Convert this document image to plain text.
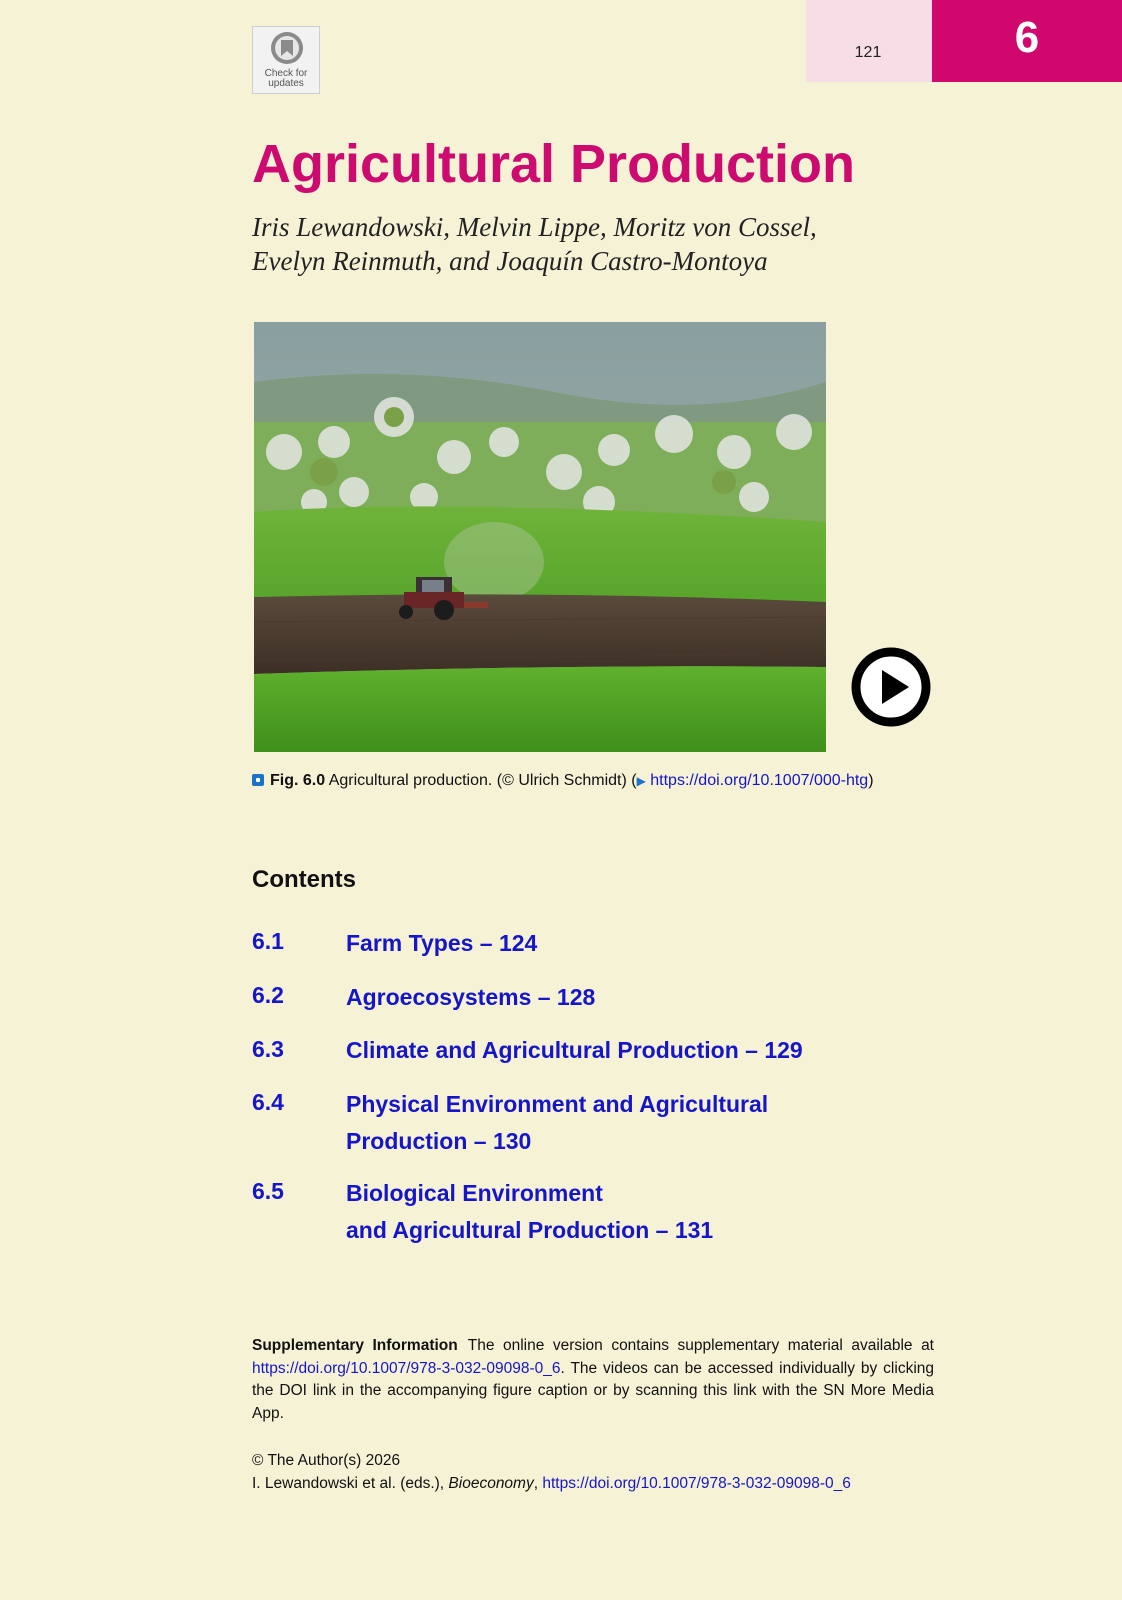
121	6
Check for
updates
Agricultural Production
Iris Lewandowski, Melvin Lippe, Moritz von Cossel,
Evelyn Reinmuth, and Joaquín Castro-Montoya
Fig. 6.0 Agricultural production. (© Ulrich Schmidt) (▶ https://doi.org/10.1007/000-htg)
Contents
6.1	Farm Types – 124
6.2	Agroecosystems – 128
6.3	Climate and Agricultural Production – 129
6.4	Physical Environment and Agricultural
Production – 130
6.5	Biological Environment
and Agricultural Production – 131
Supplementary Information The online version contains supplementary material available at https://doi.org/10.1007/978-3-032-09098-0_6. The videos can be accessed individually by clicking the DOI link in the accompanying figure caption or by scanning this link with the SN More Media App.
© The Author(s) 2026
I. Lewandowski et al. (eds.), Bioeconomy, https://doi.org/10.1007/978-3-032-09098-0_6
